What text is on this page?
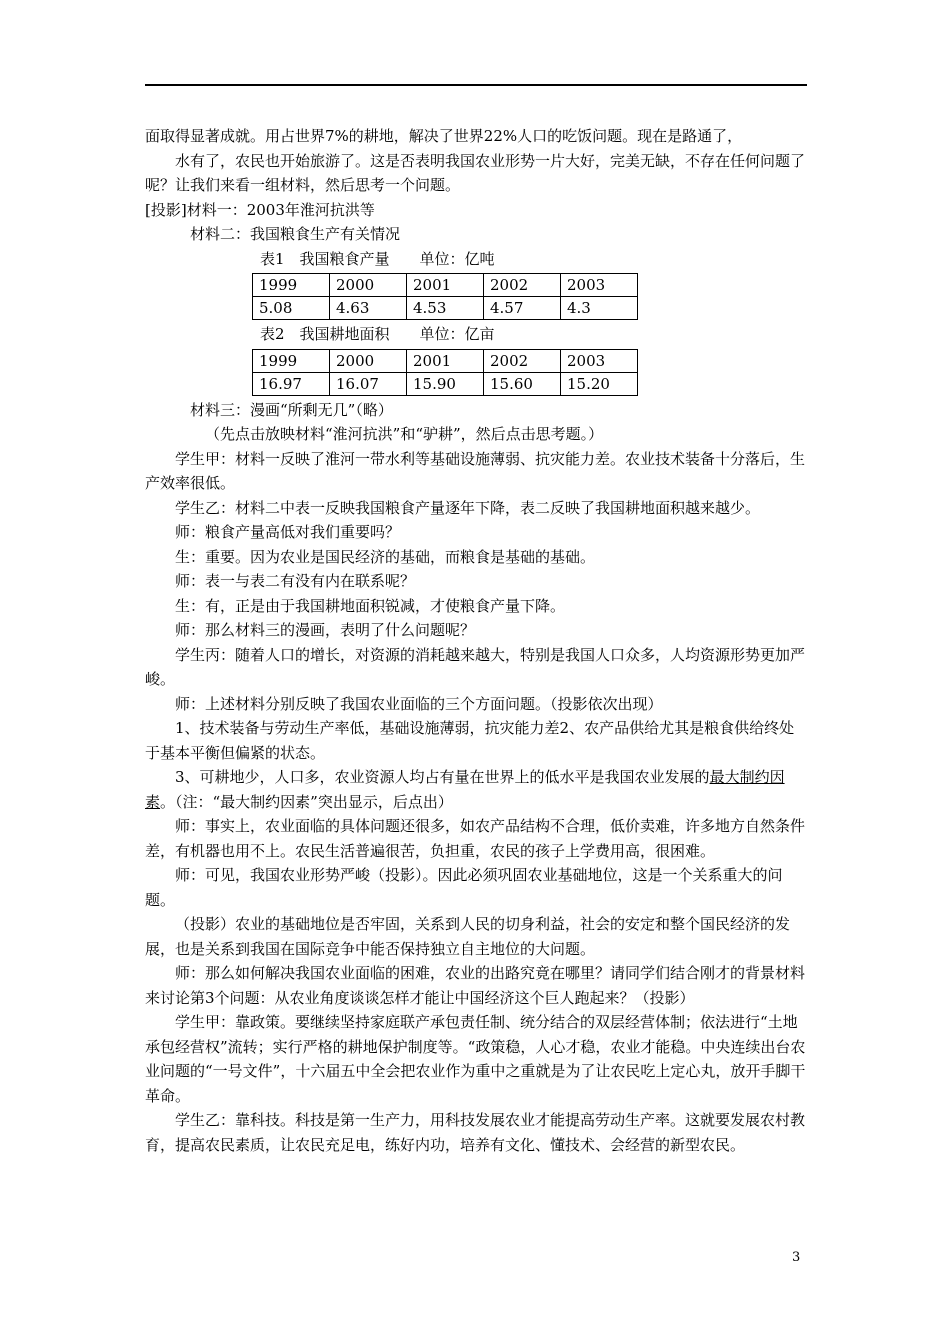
面取得显著成就。用占世界7%的耕地，解决了世界22%人口的吃饭问题。现在是路通了，

水有了，农民也开始旅游了。这是否表明我国农业形势一片大好，完美无缺，不存在任何问题了呢？让我们来看一组材料，然后思考一个问题。

[投影]材料一：2003年淮河抗洪等

材料二：我国粮食生产有关情况

表1　我国粮食产量　　单位：亿吨

1999	2000	2001	2002	2003
5.08	4.63	4.53	4.57	4.3

表2　我国耕地面积　　单位：亿亩

1999	2000	2001	2002	2003
16.97	16.07	15.90	15.60	15.20

材料三：漫画“所剩无几”（略）

（先点击放映材料“淮河抗洪”和“驴耕”，然后点击思考题。）

学生甲：材料一反映了淮河一带水利等基础设施薄弱、抗灾能力差。农业技术装备十分落后，生产效率很低。

学生乙：材料二中表一反映我国粮食产量逐年下降，表二反映了我国耕地面积越来越少。

师：粮食产量高低对我们重要吗？

生：重要。因为农业是国民经济的基础，而粮食是基础的基础。

师：表一与表二有没有内在联系呢？

生：有，正是由于我国耕地面积锐减，才使粮食产量下降。

师：那么材料三的漫画，表明了什么问题呢？

学生丙：随着人口的增长，对资源的消耗越来越大，特别是我国人口众多，人均资源形势更加严峻。

师：上述材料分别反映了我国农业面临的三个方面问题。（投影依次出现）

1、技术装备与劳动生产率低，基础设施薄弱，抗灾能力差2、农产品供给尤其是粮食供给终处于基本平衡但偏紧的状态。

3、可耕地少，人口多，农业资源人均占有量在世界上的低水平是我国农业发展的最大制约因素。（注：“最大制约因素”突出显示，后点出）

师：事实上，农业面临的具体问题还很多，如农产品结构不合理，低价卖难，许多地方自然条件差，有机器也用不上。农民生活普遍很苦，负担重，农民的孩子上学费用高，很困难。

师：可见，我国农业形势严峻（投影）。因此必须巩固农业基础地位，这是一个关系重大的问题。

（投影）农业的基础地位是否牢固，关系到人民的切身利益，社会的安定和整个国民经济的发展，也是关系到我国在国际竞争中能否保持独立自主地位的大问题。

师：那么如何解决我国农业面临的困难，农业的出路究竟在哪里？请同学们结合刚才的背景材料来讨论第3个问题：从农业角度谈谈怎样才能让中国经济这个巨人跑起来？（投影）

学生甲：靠政策。要继续坚持家庭联产承包责任制、统分结合的双层经营体制；依法进行“土地承包经营权”流转；实行严格的耕地保护制度等。“政策稳，人心才稳，农业才能稳。中央连续出台农业问题的“一号文件”，十六届五中全会把农业作为重中之重就是为了让农民吃上定心丸，放开手脚干革命。

学生乙：靠科技。科技是第一生产力，用科技发展农业才能提高劳动生产率。这就要发展农村教育，提高农民素质，让农民充足电，练好内功，培养有文化、懂技术、会经营的新型农民。

3
